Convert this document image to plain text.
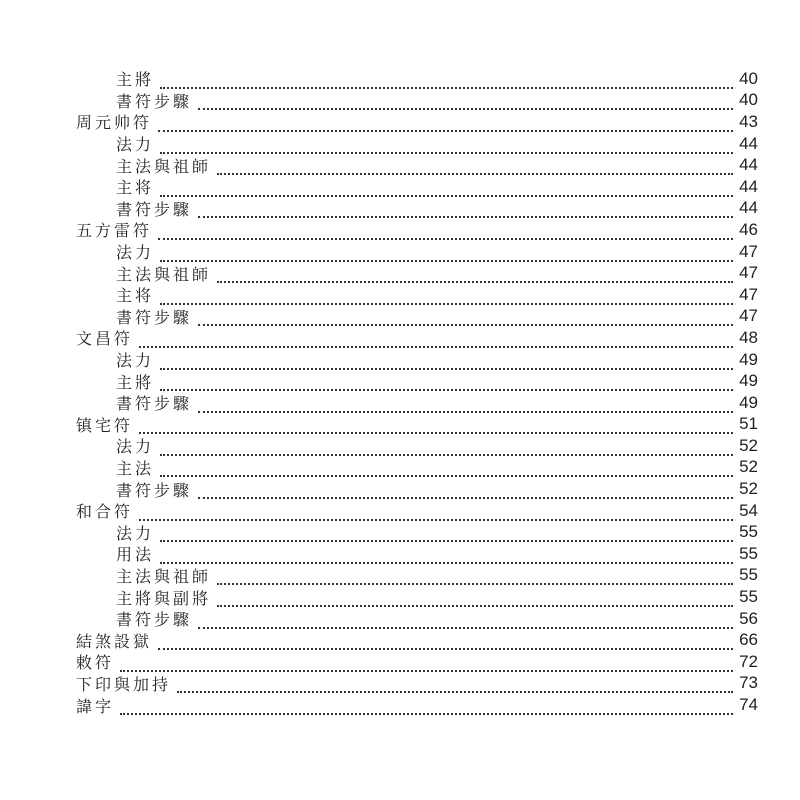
主將	40
書符步驟	40
周元帅符	43
法力	44
主法與祖師	44
主将	44
書符步驟	44
五方雷符	46
法力	47
主法與祖師	47
主将	47
書符步驟	47
文昌符	48
法力	49
主將	49
書符步驟	49
镇宅符	51
法力	52
主法	52
書符步驟	52
和合符	54
法力	55
用法	55
主法與祖師	55
主將與副將	55
書符步驟	56
結煞設獄	66
敕符	72
下印與加持	73
諱字	74
